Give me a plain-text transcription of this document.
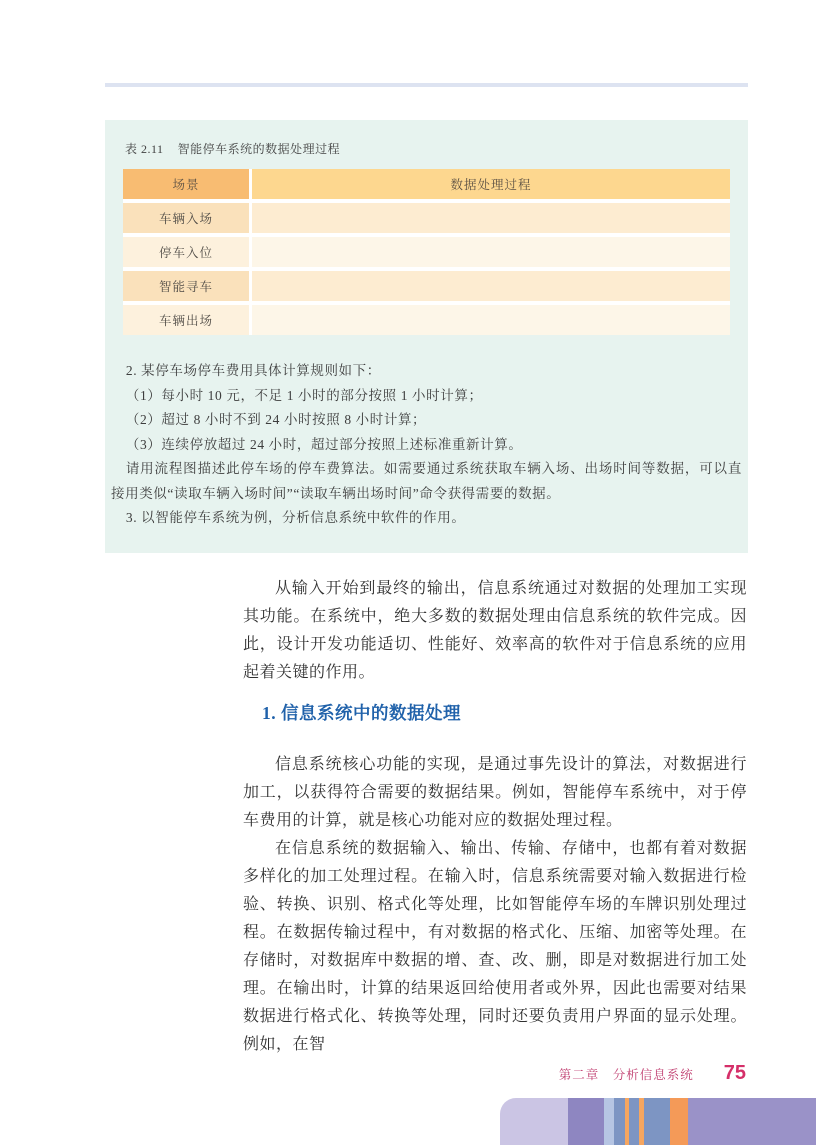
表 2.11 智能停车系统的数据处理过程
场景	数据处理过程
车辆入场
停车入位
智能寻车
车辆出场

2. 某停车场停车费用具体计算规则如下：

（1）每小时 10 元，不足 1 小时的部分按照 1 小时计算；

（2）超过 8 小时不到 24 小时按照 8 小时计算；

（3）连续停放超过 24 小时，超过部分按照上述标准重新计算。

请用流程图描述此停车场的停车费算法。如需要通过系统获取车辆入场、出场时间等数据，可以直接用类似“读取车辆入场时间”“读取车辆出场时间”命令获得需要的数据。

3. 以智能停车系统为例，分析信息系统中软件的作用。

从输入开始到最终的输出，信息系统通过对数据的处理加工实现其功能。在系统中，绝大多数的数据处理由信息系统的软件完成。因此，设计开发功能适切、性能好、效率高的软件对于信息系统的应用起着关键的作用。

1. 信息系统中的数据处理

信息系统核心功能的实现，是通过事先设计的算法，对数据进行加工，以获得符合需要的数据结果。例如，智能停车系统中，对于停车费用的计算，就是核心功能对应的数据处理过程。

在信息系统的数据输入、输出、传输、存储中，也都有着对数据多样化的加工处理过程。在输入时，信息系统需要对输入数据进行检验、转换、识别、格式化等处理，比如智能停车场的车牌识别处理过程。在数据传输过程中，有对数据的格式化、压缩、加密等处理。在存储时，对数据库中数据的增、查、改、删，即是对数据进行加工处理。在输出时，计算的结果返回给使用者或外界，因此也需要对结果数据进行格式化、转换等处理，同时还要负责用户界面的显示处理。例如，在智

第二章　分析信息系统 75
